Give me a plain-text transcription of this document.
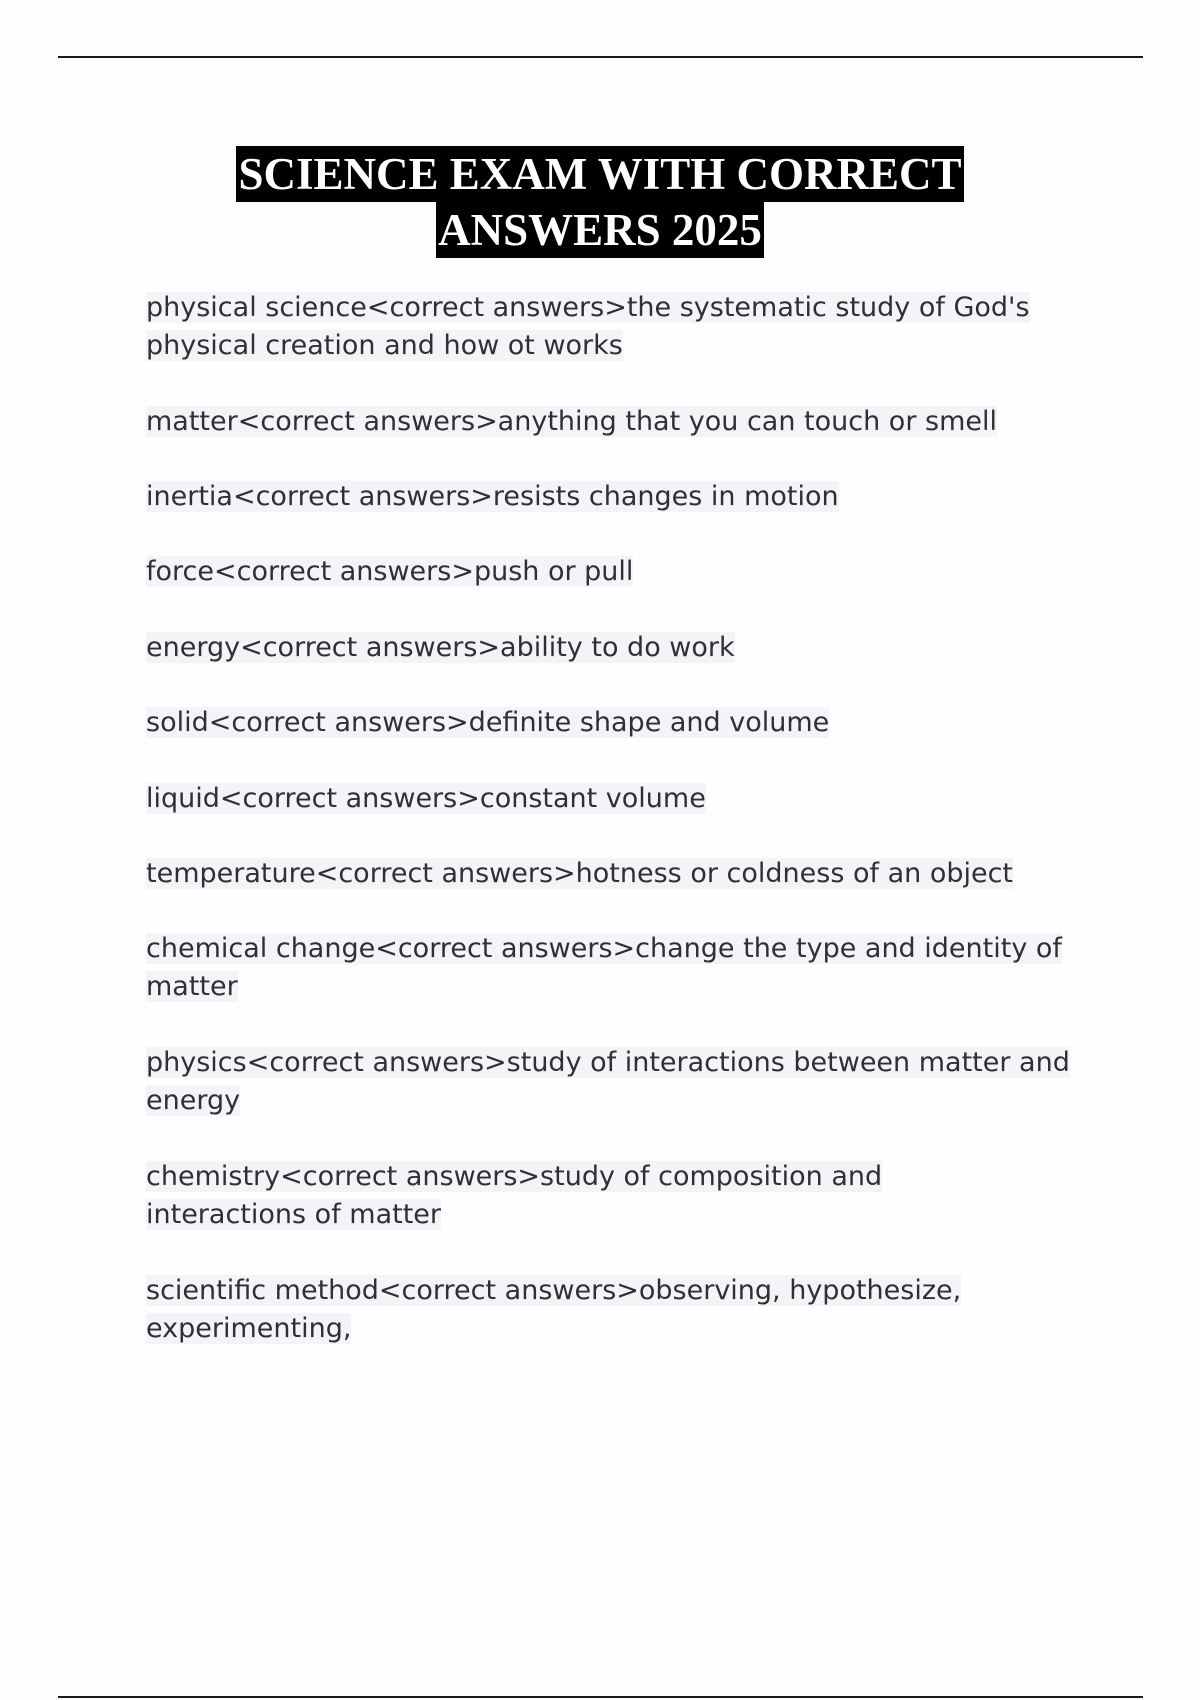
SCIENCE EXAM WITH CORRECT
ANSWERS 2025

physical science<correct answers>the systematic study of God's physical creation and how ot works

matter<correct answers>anything that you can touch or smell

inertia<correct answers>resists changes in motion

force<correct answers>push or pull

energy<correct answers>ability to do work

solid<correct answers>definite shape and volume

liquid<correct answers>constant volume

temperature<correct answers>hotness or coldness of an object

chemical change<correct answers>change the type and identity of matter

physics<correct answers>study of interactions between matter and energy

chemistry<correct answers>study of composition and interactions of matter

scientific method<correct answers>observing, hypothesize, experimenting,
